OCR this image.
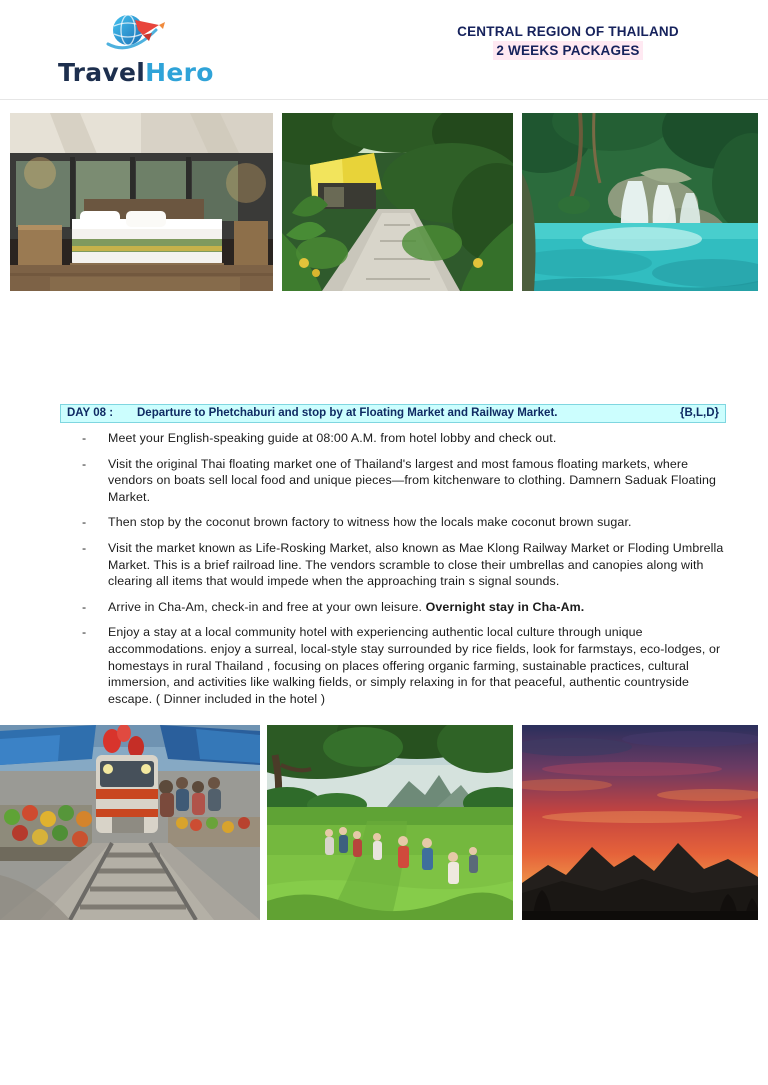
TravelHero
CENTRAL REGION OF THAILAND
2 WEEKS PACKAGES
DAY 08 : Departure to Phetchaburi and stop by at Floating Market and Railway Market.	{B,L,D}
- Meet your English-speaking guide at 08:00 A.M. from hotel lobby and check out.
- Visit the original Thai floating market one of Thailand's largest and most famous floating markets, where vendors on boats sell local food and unique pieces—from kitchenware to clothing. Damnern Saduak Floating Market.
- Then stop by the coconut brown factory to witness how the locals make coconut brown sugar.
- Visit the market known as Life-Rosking Market, also known as Mae Klong Railway Market or Floding Umbrella Market. This is a brief railroad line. The vendors scramble to close their umbrellas and canopies along with clearing all items that would impede when the approaching train s signal sounds.
- Arrive in Cha-Am, check-in and free at your own leisure. Overnight stay in Cha-Am.
- Enjoy a stay at a local community hotel with experiencing authentic local culture through unique accommodations. enjoy a surreal, local-style stay surrounded by rice fields, look for farmstays, eco-lodges, or homestays in rural Thailand , focusing on places offering organic farming, sustainable practices, cultural immersion, and activities like walking fields, or simply relaxing in for that peaceful, authentic countryside escape. ( Dinner included in the hotel )
